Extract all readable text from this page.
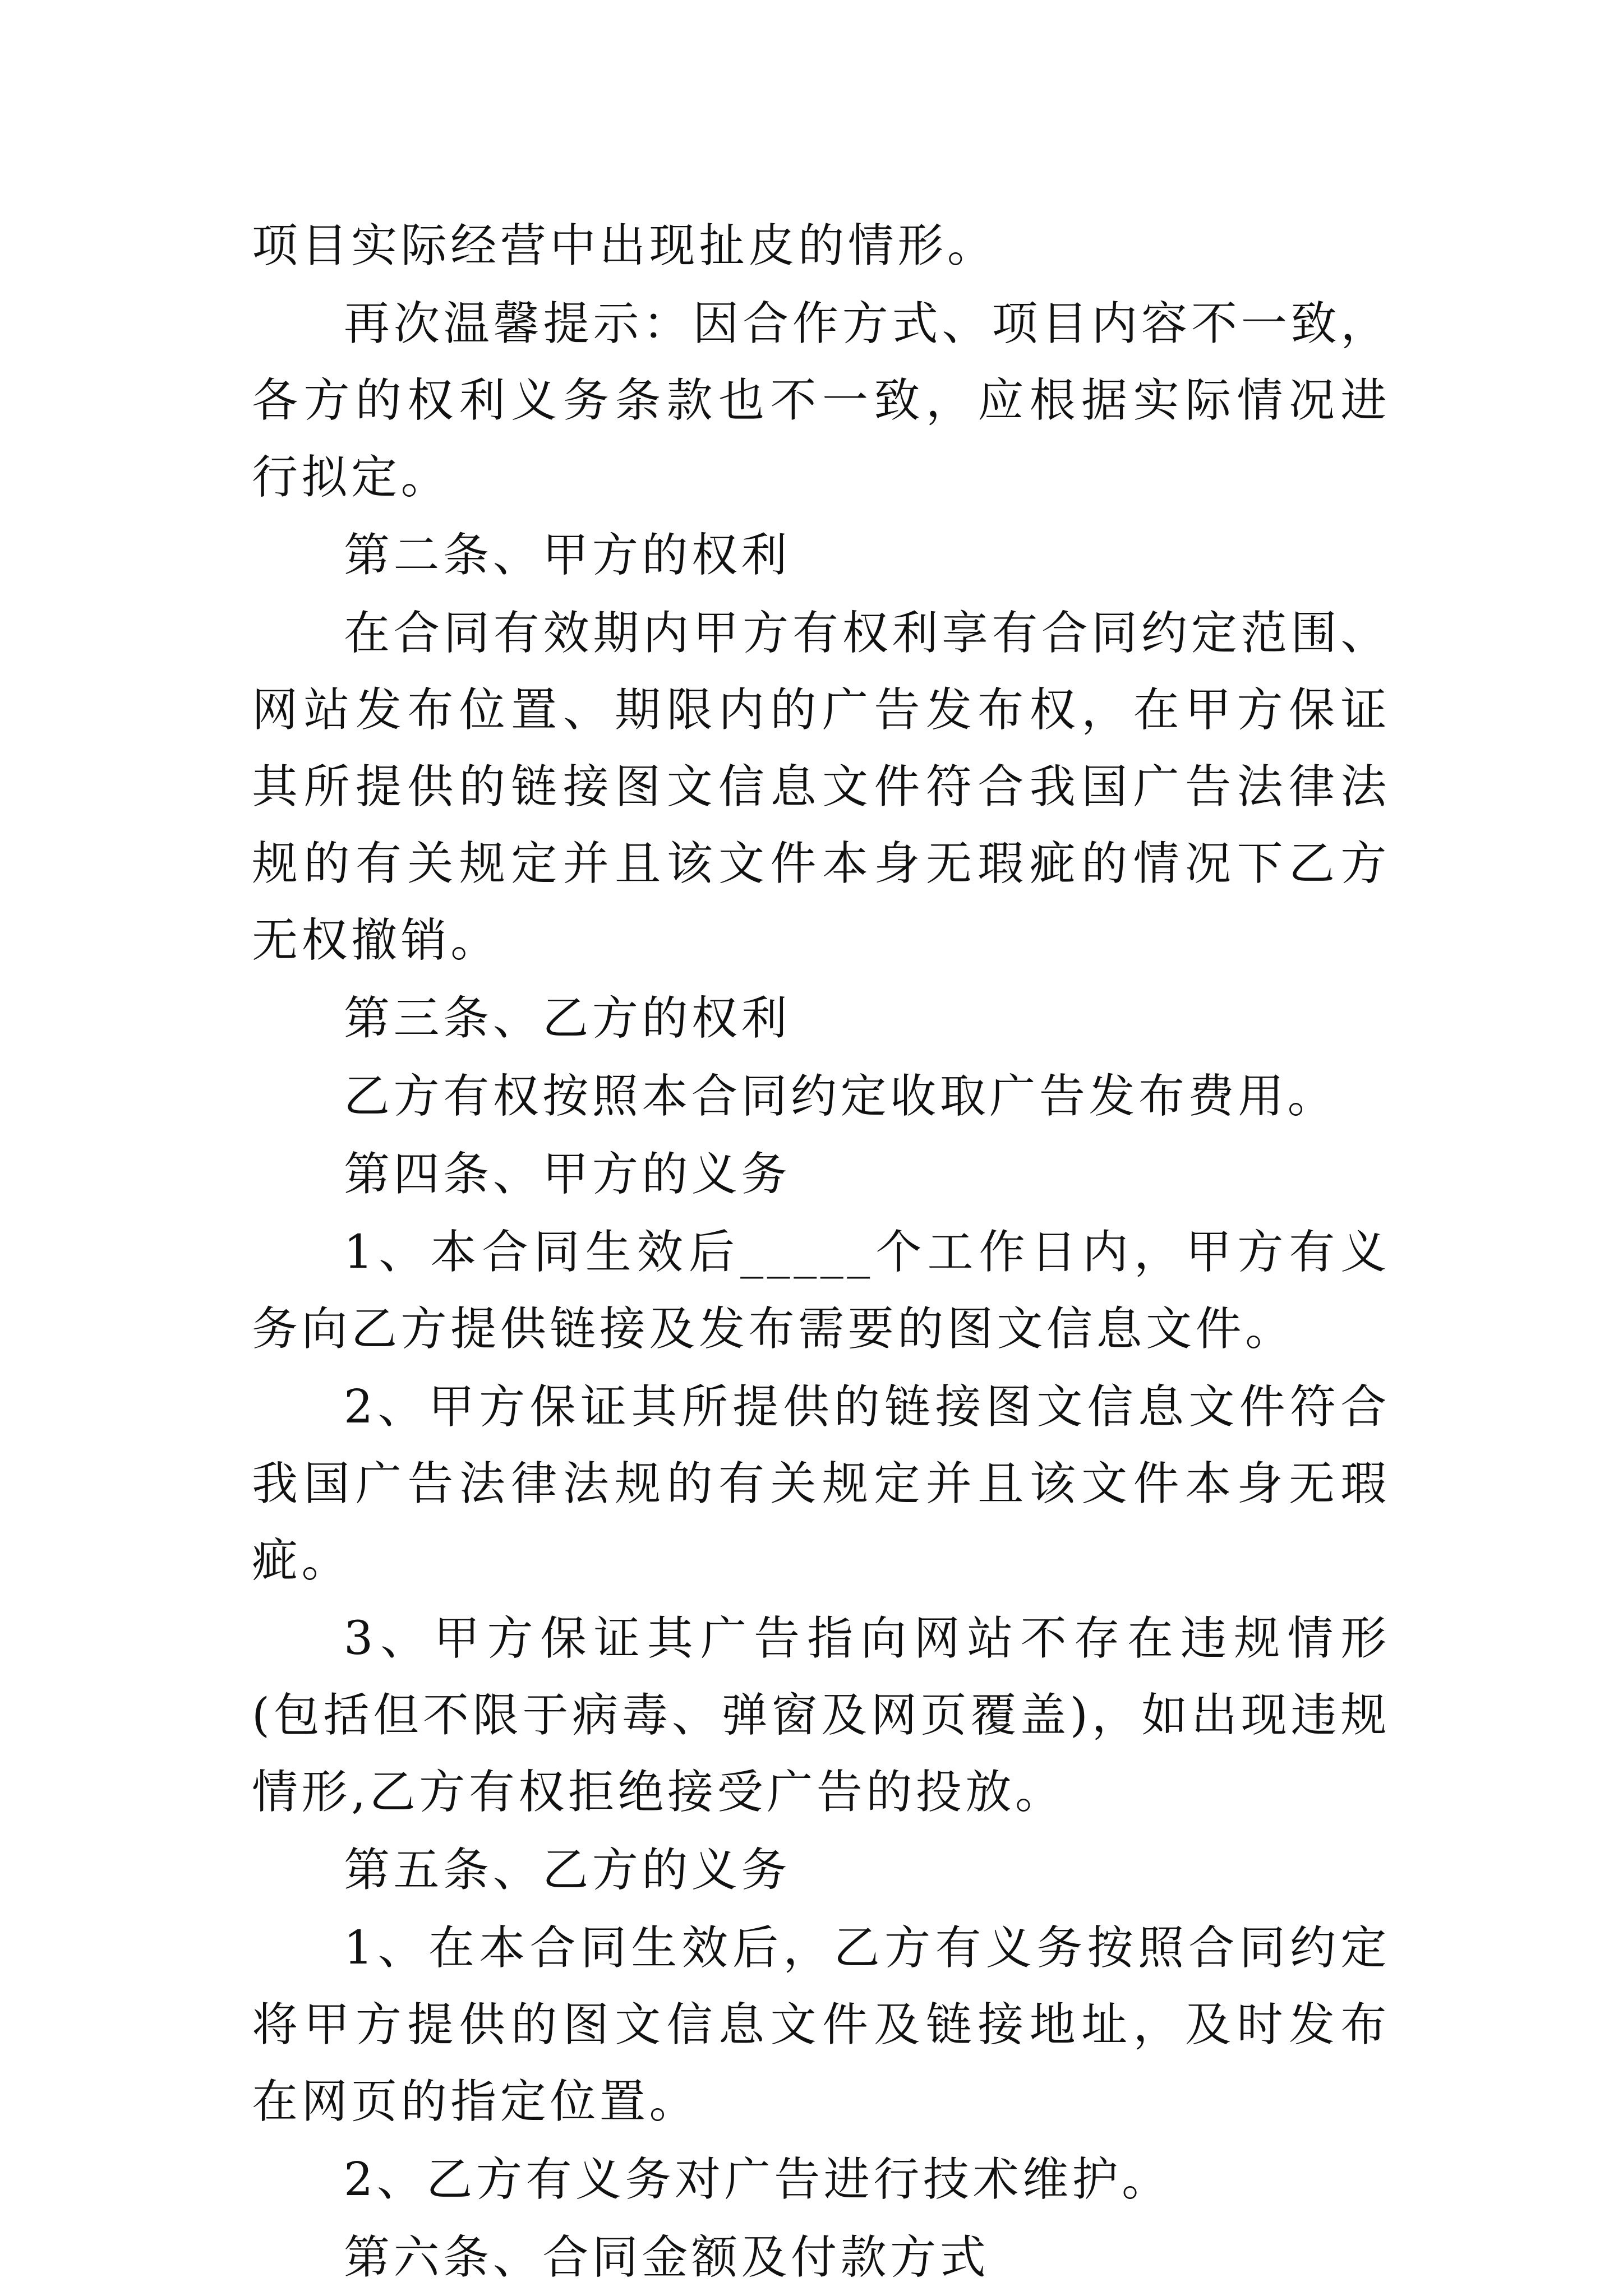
项目实际经营中出现扯皮的情形。

再次温馨提示：因合作方式、项目内容不一致，各方的权利义务条款也不一致，应根据实际情况进行拟定。

第二条、甲方的权利

在合同有效期内甲方有权利享有合同约定范围、网站发布位置、期限内的广告发布权，在甲方保证其所提供的链接图文信息文件符合我国广告法律法规的有关规定并且该文件本身无瑕疵的情况下乙方无权撤销。

第三条、乙方的权利

乙方有权按照本合同约定收取广告发布费用。

第四条、甲方的义务

1、本合同生效后_____个工作日内，甲方有义务向乙方提供链接及发布需要的图文信息文件。

2、甲方保证其所提供的链接图文信息文件符合我国广告法律法规的有关规定并且该文件本身无瑕疵。

3、甲方保证其广告指向网站不存在违规情形(包括但不限于病毒、弹窗及网页覆盖)，如出现违规情形,乙方有权拒绝接受广告的投放。

第五条、乙方的义务

1、在本合同生效后，乙方有义务按照合同约定将甲方提供的图文信息文件及链接地址，及时发布在网页的指定位置。

2、乙方有义务对广告进行技术维护。

第六条、合同金额及付款方式
